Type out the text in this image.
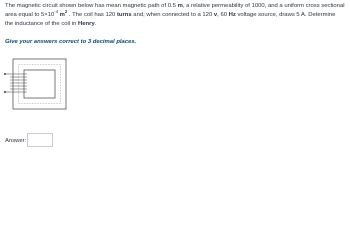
The magnetic circuit shown below has mean magnetic path of 0.5 m, a relative permeability of 1000, and a uniform cross sectional area equal to $5\times 10^{-4}$ $m^2$ . The coil has 120 turns and, when connected to a 120 v, 60 Hz voltage source, draws 5 A. Determine the inductance of the coil in Henry.
Give your answers correct to 3 decimal places.
Answer:
